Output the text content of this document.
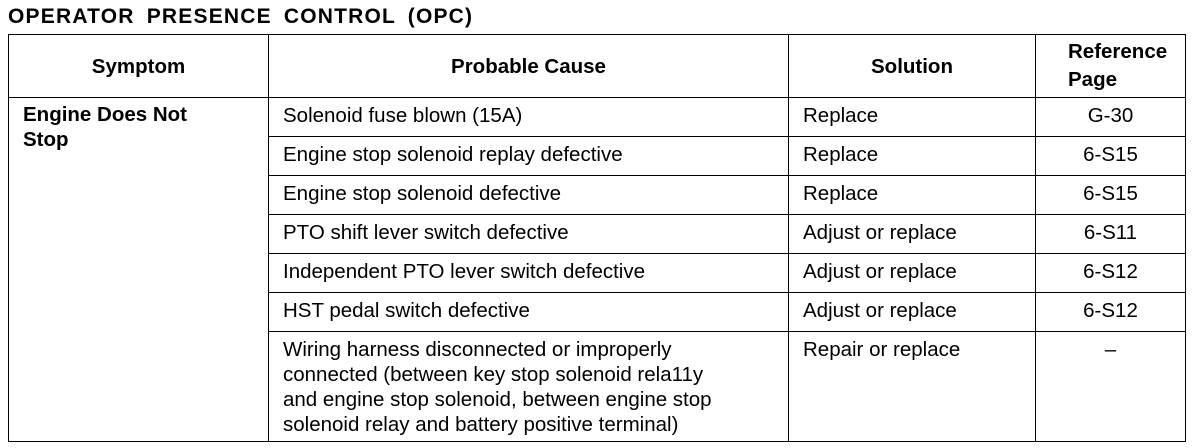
OPERATOR PRESENCE CONTROL (OPC)
Symptom	Probable Cause	Solution	Reference
Page
Engine Does Not
Stop	Solenoid fuse blown (15A)	Replace	G-30
	Engine stop solenoid replay defective	Replace	6-S15
	Engine stop solenoid defective	Replace	6-S15
	PTO shift lever switch defective	Adjust or replace	6-S11
	Independent PTO lever switch defective	Adjust or replace	6-S12
	HST pedal switch defective	Adjust or replace	6-S12
	Wiring harness disconnected or improperly
connected (between key stop solenoid rela11y
and engine stop solenoid, between engine stop
solenoid relay and battery positive terminal)	Repair or replace	–
